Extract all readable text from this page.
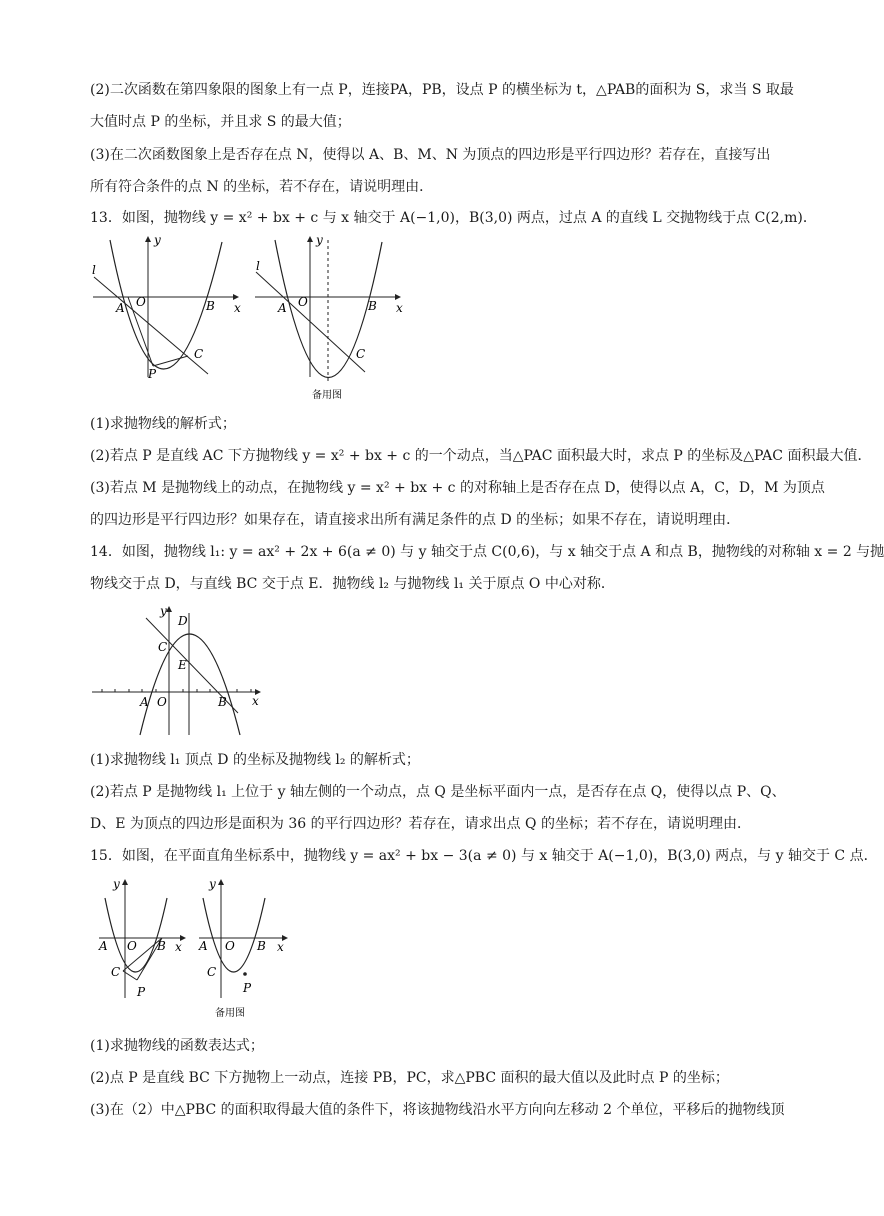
(2)二次函数在第四象限的图象上有一点 P，连接PA，PB，设点 P 的横坐标为 t，△PAB的面积为 S，求当 S 取最
大值时点 P 的坐标，并且求 S 的最大值；
(3)在二次函数图象上是否存在点 N，使得以 A、B、M、N 为顶点的四边形是平行四边形？若存在，直接写出
所有符合条件的点 N 的坐标，若不存在，请说明理由．
13．如图，抛物线 y = x² + bx + c 与 x 轴交于 A(−1,0)，B(3,0) 两点，过点 A 的直线 L 交抛物线于点 C(2,m)．
l
y
x
A O	B
C
P
l
y
x
A O	B
C
备用图
(1)求抛物线的解析式；
(2)若点 P 是直线 AC 下方抛物线 y = x² + bx + c 的一个动点，当△PAC 面积最大时，求点 P 的坐标及△PAC 面积最大值．
(3)若点 M 是抛物线上的动点，在抛物线 y = x² + bx + c 的对称轴上是否存在点 D，使得以点 A，C，D，M 为顶点
的四边形是平行四边形？如果存在，请直接求出所有满足条件的点 D 的坐标；如果不存在，请说明理由．
14．如图，抛物线 l₁: y = ax² + 2x + 6(a ≠ 0) 与 y 轴交于点 C(0,6)，与 x 轴交于点 A 和点 B，抛物线的对称轴 x = 2 与抛
物线交于点 D，与直线 BC 交于点 E．抛物线 l₂ 与抛物线 l₁ 关于原点 O 中心对称．
y
x
D
C
E
A O	B
(1)求抛物线 l₁ 顶点 D 的坐标及抛物线 l₂ 的解析式；
(2)若点 P 是抛物线 l₁ 上位于 y 轴左侧的一个动点，点 Q 是坐标平面内一点，是否存在点 Q，使得以点 P、Q、
D、E 为顶点的四边形是面积为 36 的平行四边形？若存在，请求出点 Q 的坐标；若不存在，请说明理由．
15．如图，在平面直角坐标系中，抛物线 y = ax² + bx − 3(a ≠ 0) 与 x 轴交于 A(−1,0)，B(3,0) 两点，与 y 轴交于 C 点．
y
x
A O B
C
P
y
x
A O B
C
P
备用图
(1)求抛物线的函数表达式；
(2)点 P 是直线 BC 下方抛物上一动点，连接 PB，PC，求△PBC 面积的最大值以及此时点 P 的坐标；
(3)在（2）中△PBC 的面积取得最大值的条件下，将该抛物线沿水平方向向左移动 2 个单位，平移后的抛物线顶
